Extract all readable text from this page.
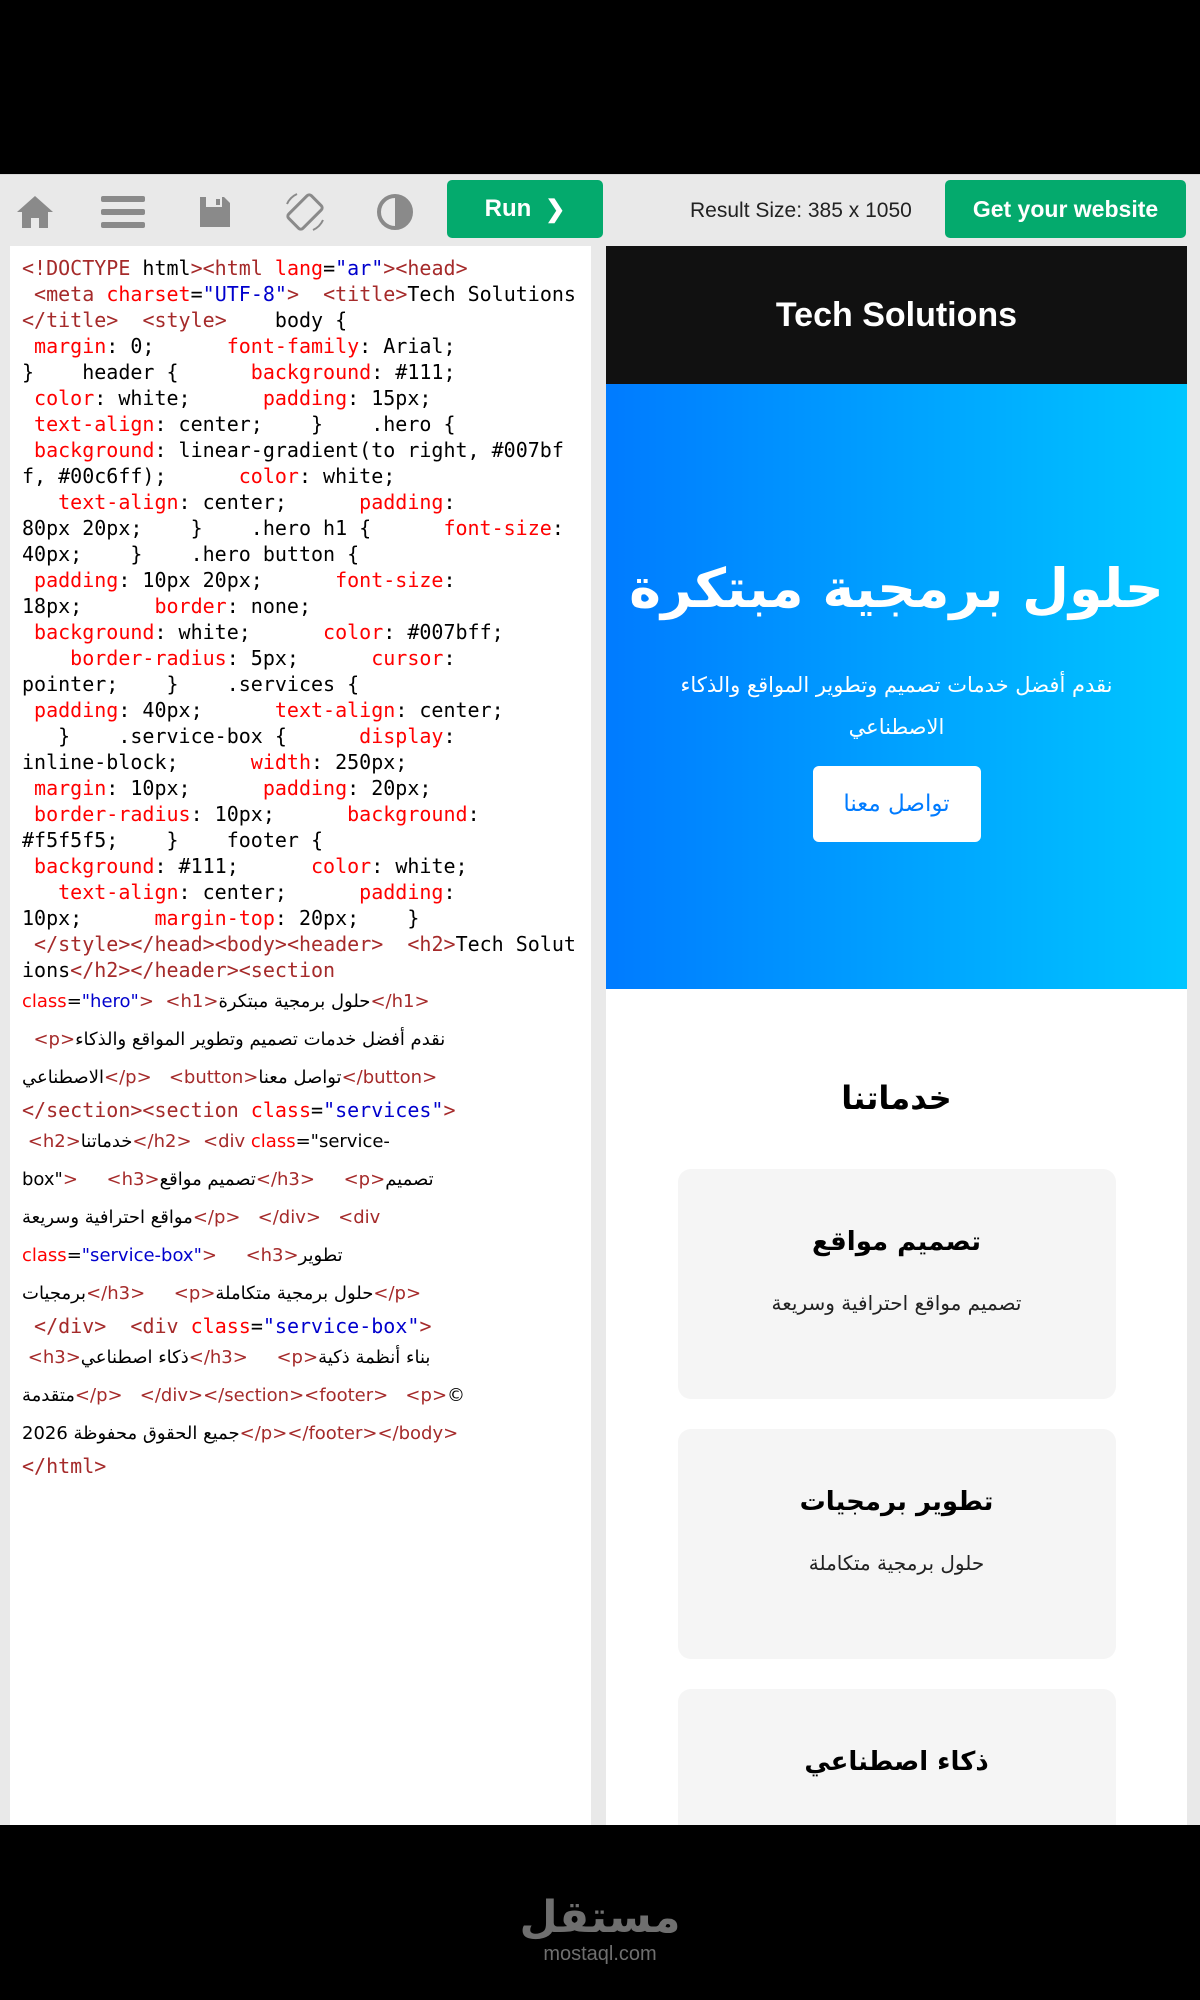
Run ❯	Result Size: 385 x 1050	Get your website
<!DOCTYPE html><html lang="ar"><head>
<meta charset="UTF-8"> <title>Tech Solutions</title> <style>    body {
margin: 0;      font-family: Arial;
}    header {      background: #111;
color: white;      padding: 15px;
text-align: center;    }    .hero {
background: linear-gradient(to right, #007bff, #00c6ff);      color: white;
text-align: center;      padding:
80px 20px;    }    .hero h1 {      font-size: 40px;    }    .hero button {
padding: 10px 20px;      font-size:
18px;      border: none;
background: white;      color: #007bff;
border-radius: 5px;      cursor:
pointer;    }    .services {
padding: 40px;      text-align: center;
}    .service-box {      display:
inline-block;      width: 250px;
margin: 10px;      padding: 20px;
border-radius: 10px;      background:
#f5f5f5;    }    footer {
background: #111;      color: white;
text-align: center;      padding:
10px;      margin-top: 20px;    }
</style></head><body><header> <h2>Tech Solutions</h2></header><section
class="hero"> <h1>حلول برمجية مبتكرة</h1>
<p>نقدم أفضل خدمات تصميم وتطوير المواقع والذكاء
الاصطناعي</p> <button>تواصل معنا</button>
</section><section class="services">
<h2>خدماتنا</h2> <div class="service-
box"> <h3>تصميم مواقع</h3> <p>تصميم
مواقع احترافية وسريعة</p> </div> <div
class="service-box"> <h3>تطوير
برمجيات</h3> <p>حلول برمجية متكاملة</p>
</div> <div class="service-box">
<h3>ذكاء اصطناعي</h3> <p>بناء أنظمة ذكية
متقدمة</p> </div></section><footer> <p>©
2026 جميع الحقوق محفوظة</p></footer></body>
</html>
Tech Solutions
حلول برمجية مبتكرة

نقدم أفضل خدمات تصميم وتطوير المواقع والذكاء الاصطناعي

تواصل معنا
خدماتنا
تصميم مواقع

تصميم مواقع احترافية وسريعة

تطوير برمجيات

حلول برمجية متكاملة

ذكاء اصطناعي

مستقل
mostaql.com
